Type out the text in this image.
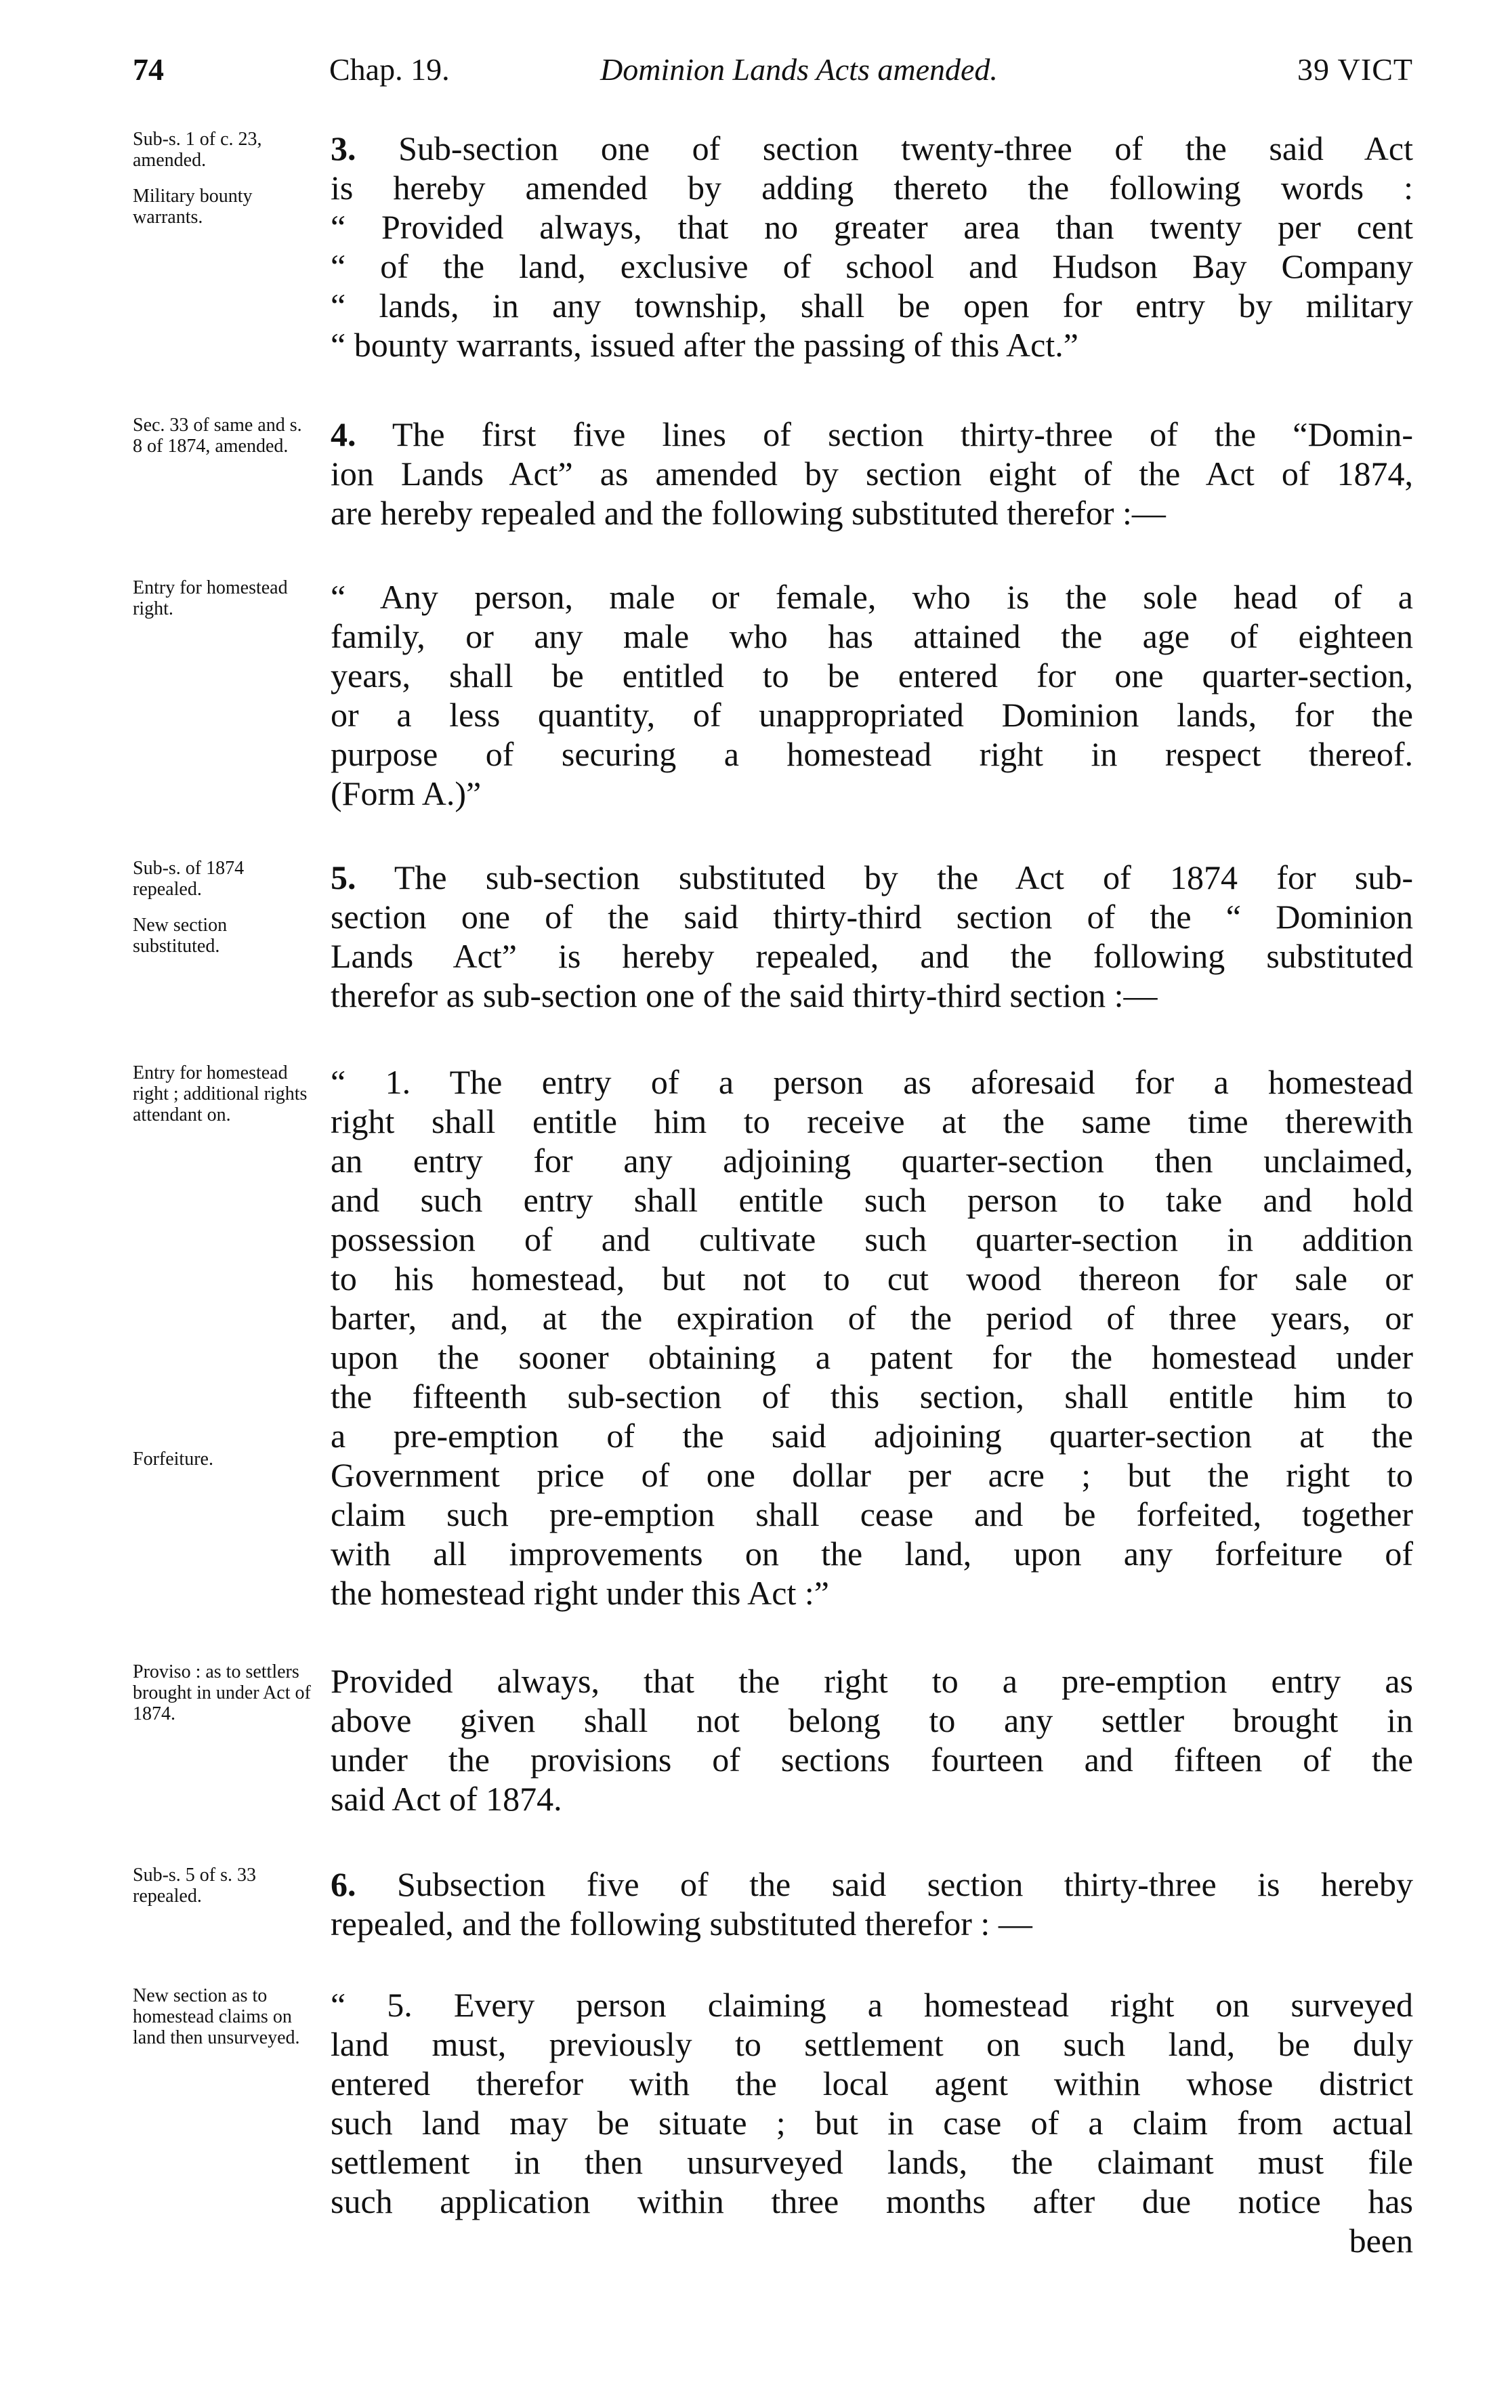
74	Chap. 19.	Dominion Lands Acts amended.	39 VICT
Sub-s. 1 of c. 23, amended.
Military bounty warrants.
3. Sub-section one of section twenty-three of the said Act
is hereby amended by adding thereto the following words :
“ Provided always, that no greater area than twenty per cent
“ of the land, exclusive of school and Hudson Bay Company
“ lands, in any township, shall be open for entry by military
“ bounty warrants, issued after the passing of this Act.”
Sec. 33 of same and s. 8 of 1874, amended.	4. The first five lines of section thirty-three of the “Domin-
ion Lands Act” as amended by section eight of the Act of 1874,
are hereby repealed and the following substituted therefor :—
Entry for homestead right.	“ Any person, male or female, who is the sole head of a
family, or any male who has attained the age of eighteen
years, shall be entitled to be entered for one quarter-section,
or a less quantity, of unappropriated Dominion lands, for the
purpose of securing a homestead right in respect thereof.
(Form A.)”
Sub-s. of 1874 repealed.
New section substituted.
5. The sub-section substituted by the Act of 1874 for sub-
section one of the said thirty-third section of the “ Dominion
Lands Act” is hereby repealed, and the following substituted
therefor as sub-section one of the said thirty-third section :—
Entry for homestead right ; additional rights attendant on.
Forfeiture.
“ 1. The entry of a person as aforesaid for a homestead
right shall entitle him to receive at the same time therewith
an entry for any adjoining quarter-section then unclaimed,
and such entry shall entitle such person to take and hold
possession of and cultivate such quarter-section in addition
to his homestead, but not to cut wood thereon for sale or
barter, and, at the expiration of the period of three years, or
upon the sooner obtaining a patent for the homestead under
the fifteenth sub-section of this section, shall entitle him to
a pre-emption of the said adjoining quarter-section at the
Government price of one dollar per acre ; but the right to
claim such pre-emption shall cease and be forfeited, together
with all improvements on the land, upon any forfeiture of
the homestead right under this Act :”
Proviso : as to settlers brought in under Act of 1874.
Provided always, that the right to a pre-emption entry as
above given shall not belong to any settler brought in
under the provisions of sections fourteen and fifteen of the
said Act of 1874.
Sub-s. 5 of s. 33 repealed.	6. Subsection five of the said section thirty-three is hereby
repealed, and the following substituted therefor : —
New section as to homestead claims on land then unsurveyed.
“ 5. Every person claiming a homestead right on surveyed
land must, previously to settlement on such land, be duly
entered therefor with the local agent within whose district
such land may be situate ; but in case of a claim from actual
settlement in then unsurveyed lands, the claimant must file
such application within three months after due notice has
been
